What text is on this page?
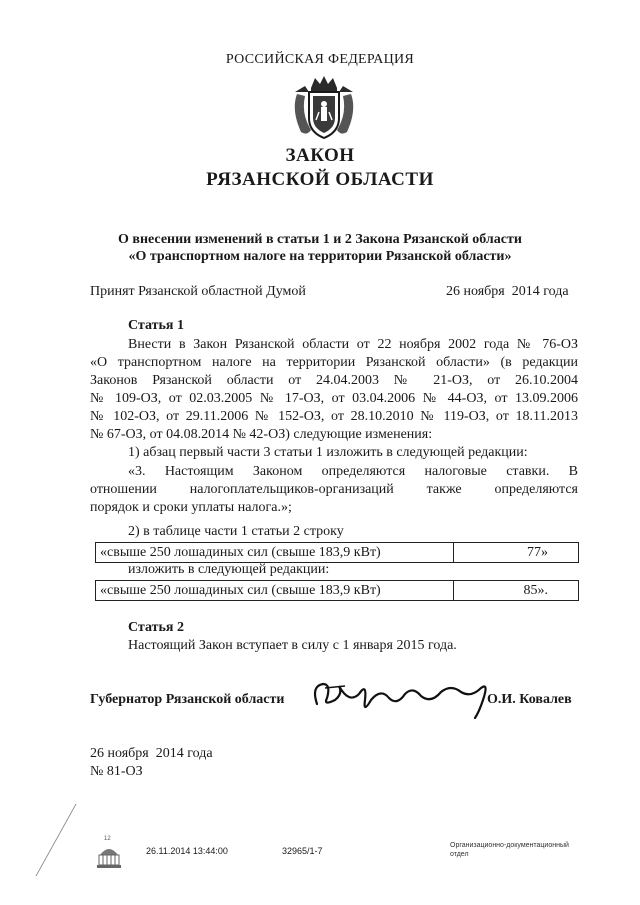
РОССИЙСКАЯ ФЕДЕРАЦИЯ
ЗАКОН
РЯЗАНСКОЙ ОБЛАСТИ
О внесении изменений в статьи 1 и 2 Закона Рязанской области
«О транспортном налоге на территории Рязанской области»
Принят Рязанской областной Думой	26 ноября  2014 года
Статья 1
Внести в Закон Рязанской области от 22 ноября 2002 года № 76-ОЗ
«О транспортном налоге на территории Рязанской области» (в редакции
Законов Рязанской области от 24.04.2003 № 21-ОЗ, от 26.10.2004
№ 109-ОЗ, от 02.03.2005 № 17-ОЗ, от 03.04.2006 № 44-ОЗ, от 13.09.2006
№ 102-ОЗ, от 29.11.2006 № 152-ОЗ, от 28.10.2010 № 119-ОЗ, от 18.11.2013
№ 67-ОЗ, от 04.08.2014 № 42-ОЗ) следующие изменения:
1) абзац первый части 3 статьи 1 изложить в следующей редакции:
«3. Настоящим Законом определяются налоговые ставки. В
отношении налогоплательщиков-организаций также определяются
порядок и сроки уплаты налога.»;
2) в таблице части 1 статьи 2 строку
«свыше 250 лошадиных сил (свыше 183,9 кВт)	77»
изложить в следующей редакции:
«свыше 250 лошадиных сил (свыше 183,9 кВт)	85».
Статья 2
Настоящий Закон вступает в силу с 1 января 2015 года.
Губернатор Рязанской области	О.И. Ковалев
26 ноября  2014 года
№ 81-ОЗ
12
26.11.2014 13:44:00	32965/1-7
Организационно-документационный
отдел
